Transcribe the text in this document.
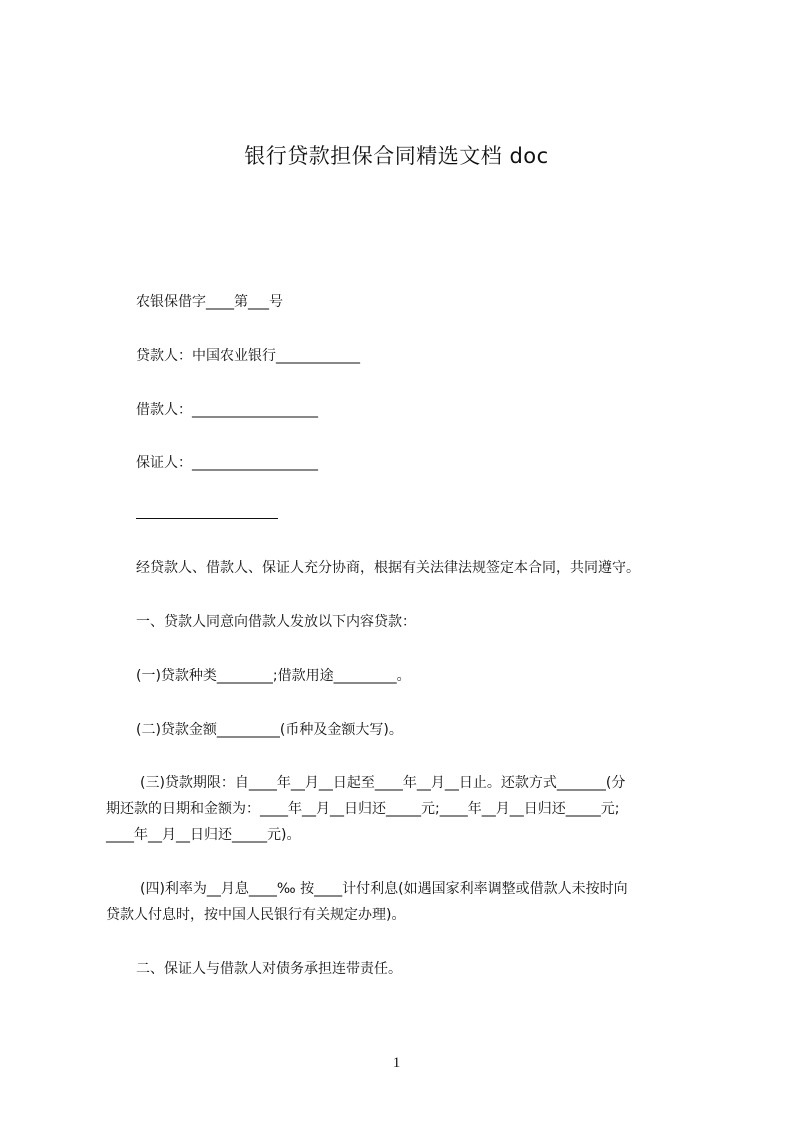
银行贷款担保合同精选文档 doc
农银保借字____第___号
贷款人：中国农业银行____________
借款人：__________________
保证人：__________________
经贷款人、借款人、保证人充分协商，根据有关法律法规签定本合同，共同遵守。
一、贷款人同意向借款人发放以下内容贷款：
(一)贷款种类________;借款用途_________。
(二)贷款金额_________(币种及金额大写)。
(三)贷款期限：自____年__月__日起至____年__月__日止。还款方式_______(分
期还款的日期和金额为：____年__月__日归还_____元;____年__月__日归还_____元;
____年__月__日归还_____元)。
(四)利率为__月息____‰ 按____计付利息(如遇国家利率调整或借款人未按时向
贷款人付息时，按中国人民银行有关规定办理)。
二、保证人与借款人对债务承担连带责任。
1
